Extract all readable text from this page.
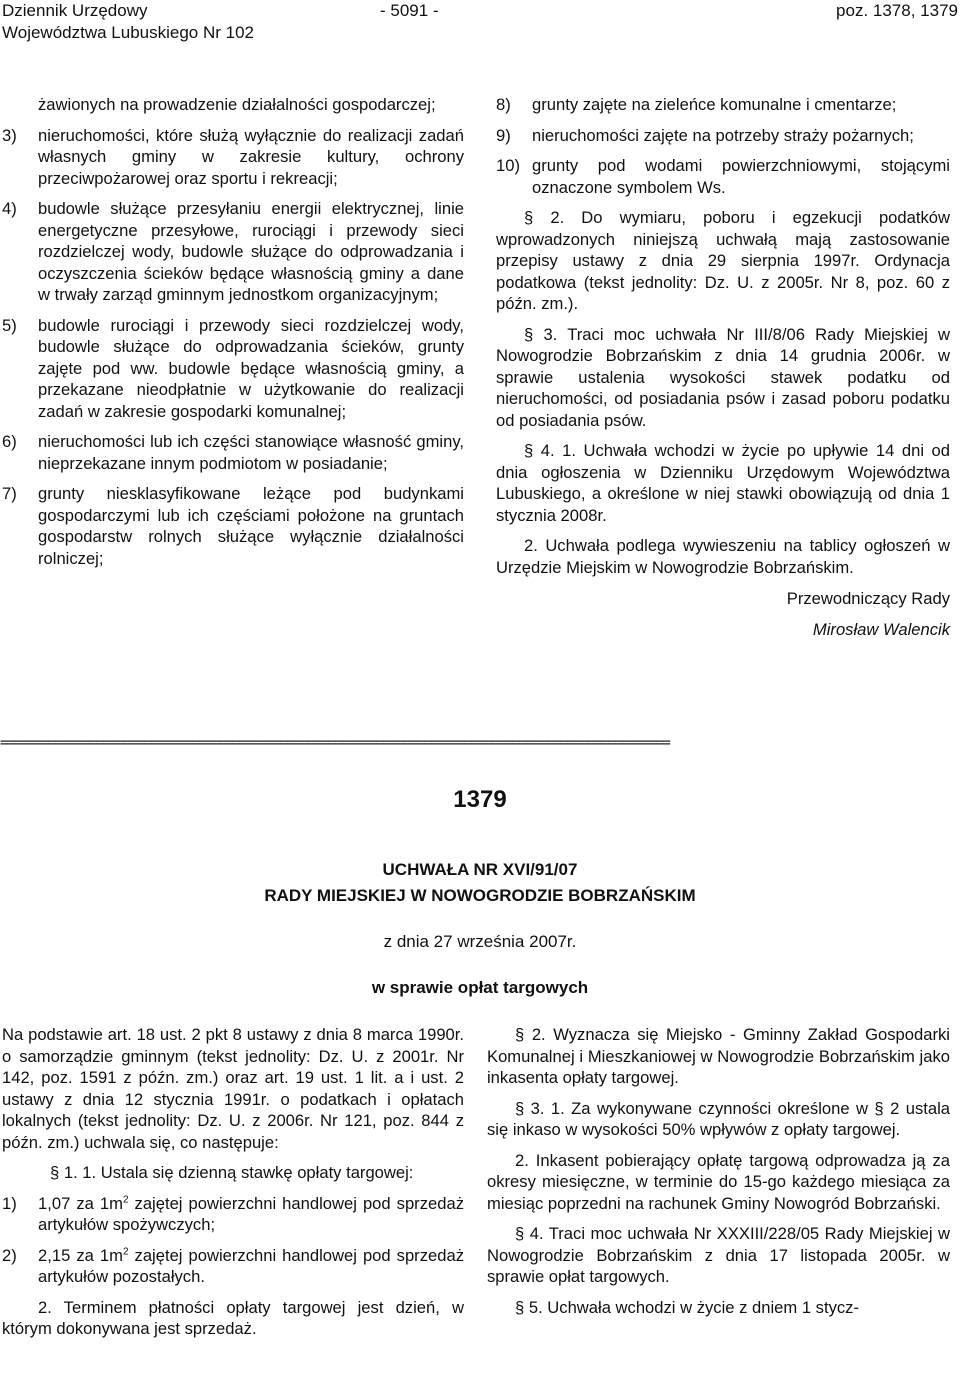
Dziennik Urzędowy
Województwa Lubuskiego Nr 102
- 5091 -	poz. 1378, 1379

żawionych na prowadzenie działalności gospodarczej;

3)	nieruchomości, które służą wyłącznie do realizacji zadań własnych gminy w zakresie kultury, ochrony przeciwpożarowej oraz sportu i rekreacji;
4)	budowle służące przesyłaniu energii elektrycznej, linie energetyczne przesyłowe, rurociągi i przewody sieci rozdzielczej wody, budowle służące do odprowadzania i oczyszczenia ścieków będące własnością gminy a dane w trwały zarząd gminnym jednostkom organizacyjnym;
5)	budowle rurociągi i przewody sieci rozdzielczej wody, budowle służące do odprowadzania ścieków, grunty zajęte pod ww. budowle będące własnością gminy, a przekazane nieodpłatnie w użytkowanie do realizacji zadań w zakresie gospodarki komunalnej;
6)	nieruchomości lub ich części stanowiące własność gminy, nieprzekazane innym podmiotom w posiadanie;
7)	grunty niesklasyfikowane leżące pod budynkami gospodarczymi lub ich częściami położone na gruntach gospodarstw rolnych służące wyłącznie działalności rolniczej;
8)	grunty zajęte na zieleńce komunalne i cmentarze;
9)	nieruchomości zajęte na potrzeby straży pożarnych;
10) grunty pod wodami powierzchniowymi, stojącymi oznaczone symbolem Ws.

§ 2. Do wymiaru, poboru i egzekucji podatków wprowadzonych niniejszą uchwałą mają zastosowanie przepisy ustawy z dnia 29 sierpnia 1997r. Ordynacja podatkowa (tekst jednolity: Dz. U. z 2005r. Nr 8, poz. 60 z późn. zm.).

§ 3. Traci moc uchwała Nr III/8/06 Rady Miejskiej w Nowogrodzie Bobrzańskim z dnia 14 grudnia 2006r. w sprawie ustalenia wysokości stawek podatku od nieruchomości, od posiadania psów i zasad poboru podatku od posiadania psów.

§ 4. 1. Uchwała wchodzi w życie po upływie 14 dni od dnia ogłoszenia w Dzienniku Urzędowym Województwa Lubuskiego, a określone w niej stawki obowiązują od dnia 1 stycznia 2008r.

2. Uchwała podlega wywieszeniu na tablicy ogłoszeń w Urzędzie Miejskim w Nowogrodzie Bobrzańskim.

Przewodniczący Rady

Mirosław Walencik

==================================================================================================
1379
UCHWAŁA NR XVI/91/07
RADY MIEJSKIEJ W NOWOGRODZIE BOBRZAŃSKIM
z dnia 27 września 2007r.
w sprawie opłat targowych

Na podstawie art. 18 ust. 2 pkt 8 ustawy z dnia 8 marca 1990r. o samorządzie gminnym (tekst jednolity: Dz. U. z 2001r. Nr 142, poz. 1591 z późn. zm.) oraz art. 19 ust. 1 lit. a i ust. 2 ustawy z dnia 12 stycznia 1991r. o podatkach i opłatach lokalnych (tekst jednolity: Dz. U. z 2006r. Nr 121, poz. 844 z późn. zm.) uchwala się, co następuje:

§ 1. 1. Ustala się dzienną stawkę opłaty targowej:

1)	1,07 za $1m^2$ zajętej powierzchni handlowej pod sprzedaż artykułów spożywczych;
2)	2,15 za $1m^2$ zajętej powierzchni handlowej pod sprzedaż artykułów pozostałych.

2. Terminem płatności opłaty targowej jest dzień, w którym dokonywana jest sprzedaż.

§ 2. Wyznacza się Miejsko - Gminny Zakład Gospodarki Komunalnej i Mieszkaniowej w Nowogrodzie Bobrzańskim jako inkasenta opłaty targowej.

§ 3. 1. Za wykonywane czynności określone w § 2 ustala się inkaso w wysokości 50% wpływów z opłaty targowej.

2. Inkasent pobierający opłatę targową odprowadza ją za okresy miesięczne, w terminie do 15-go każdego miesiąca za miesiąc poprzedni na rachunek Gminy Nowogród Bobrzański.

§ 4. Traci moc uchwała Nr XXXIII/228/05 Rady Miejskiej w Nowogrodzie Bobrzańskim z dnia 17 listopada 2005r. w sprawie opłat targowych.

§ 5. Uchwała wchodzi w życie z dniem 1 stycz-
